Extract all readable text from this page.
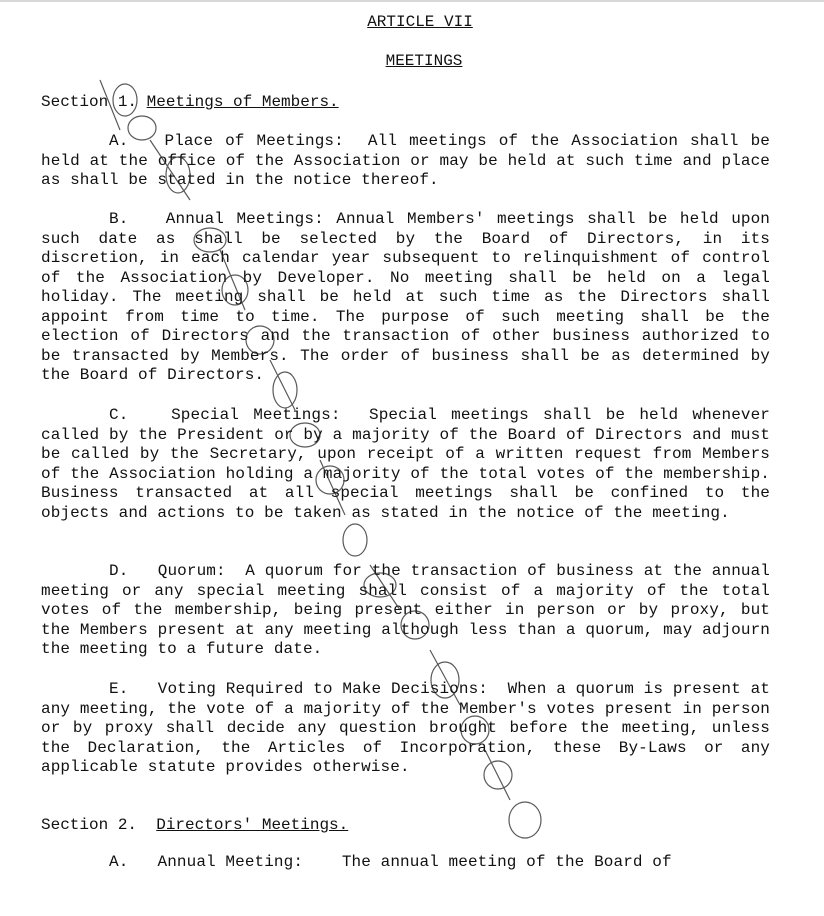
ARTICLE VII
MEETINGS
Section 1. Meetings of Members.
A.   Place of Meetings: All meetings of the Association shall be held at the office of the Association or may be held at such time and place as shall be stated in the notice thereof.
B.   Annual Meetings: Annual Members' meetings shall be held upon such date as shall be selected by the Board of Directors, in its discretion, in each calendar year subsequent to relinquishment of control of the Association by Developer. No meeting shall be held on a legal holiday. The meeting shall be held at such time as the Directors shall appoint from time to time. The purpose of such meeting shall be the election of Directors and the transaction of other business authorized to be transacted by Members. The order of business shall be as determined by the Board of Directors.
C.   Special Meetings: Special meetings shall be held whenever called by the President or by a majority of the Board of Directors and must be called by the Secretary, upon receipt of a written request from Members of the Association holding a majority of the total votes of the membership. Business transacted at all special meetings shall be confined to the objects and actions to be taken as stated in the notice of the meeting.
D.   Quorum: A quorum for the transaction of business at the annual meeting or any special meeting shall consist of a majority of the total votes of the membership, being present either in person or by proxy, but the Members present at any meeting although less than a quorum, may adjourn the meeting to a future date.
E.   Voting Required to Make Decisions: When a quorum is present at any meeting, the vote of a majority of the Member's votes present in person or by proxy shall decide any question brought before the meeting, unless the Declaration, the Articles of Incorporation, these By-Laws or any applicable statute provides otherwise.
Section 2.  Directors' Meetings.
A.   Annual Meeting: The annual meeting of the Board of
